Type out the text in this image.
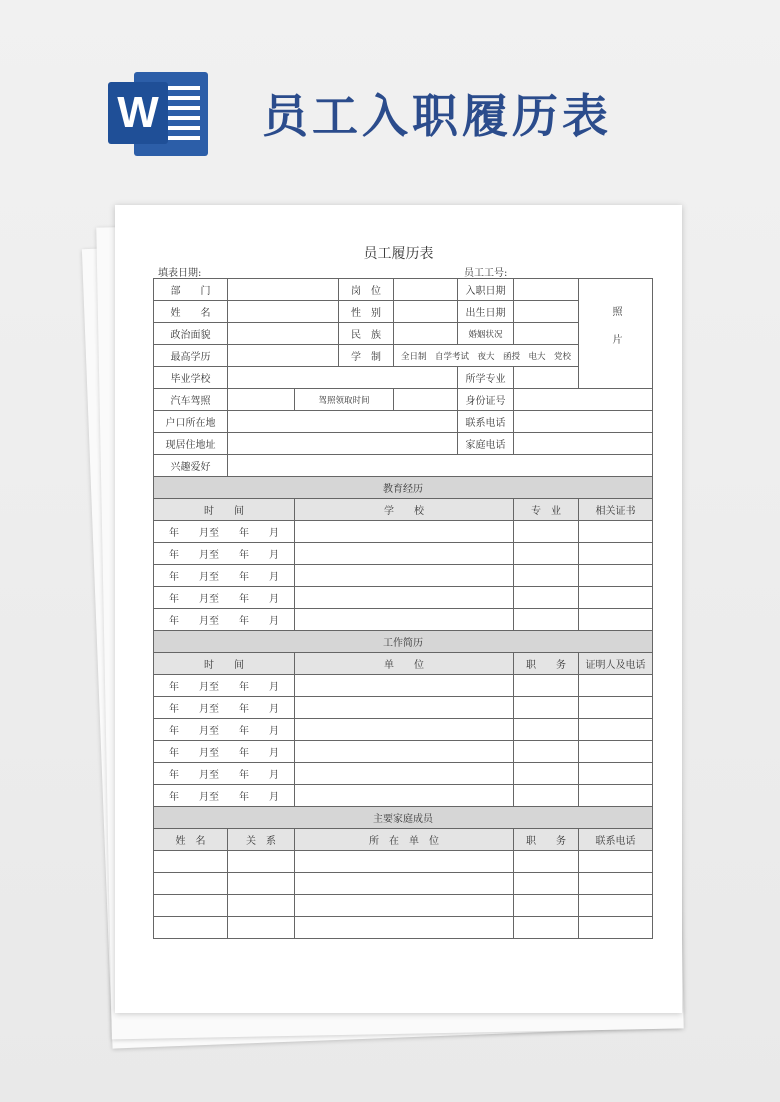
W 员工入职履历表
员工履历表
填表日期:	员工工号:
部　　门			岗　位		入职日期		照片
姓　　名			性　别		出生日期		
政治面貌			民　族		婚姻状况		
最高学历			学　制	全日制　自学考试　夜大　函授　电大　党校			
毕业学校					所学专业		
汽车驾照		驾照领取时间			身份证号		
户口所在地					联系电话		
现居住地址					家庭电话		
兴趣爱好							
教育经历							
时　　间		学　　校				专　业	相关证书
年　　月至　　年　　月							
年　　月至　　年　　月							
年　　月至　　年　　月							
年　　月至　　年　　月							
年　　月至　　年　　月							
工作简历							
时　　间		单　　位				职　　务	证明人及电话
年　　月至　　年　　月							
年　　月至　　年　　月							
年　　月至　　年　　月							
年　　月至　　年　　月							
年　　月至　　年　　月							
年　　月至　　年　　月							
主要家庭成员							
姓　名	关　系	所　在　单　位				职　　务	联系电话
